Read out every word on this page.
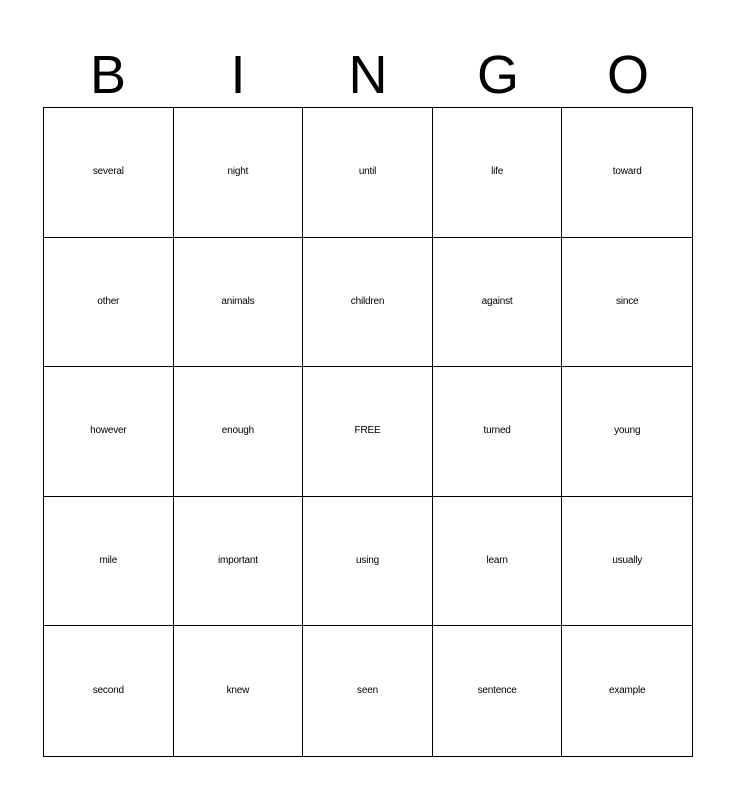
B	I	N	G	O
several	night	until	life	toward
other	animals	children	against	since
however	enough	FREE	turned	young
mile	important	using	learn	usually
second	knew	seen	sentence	example
